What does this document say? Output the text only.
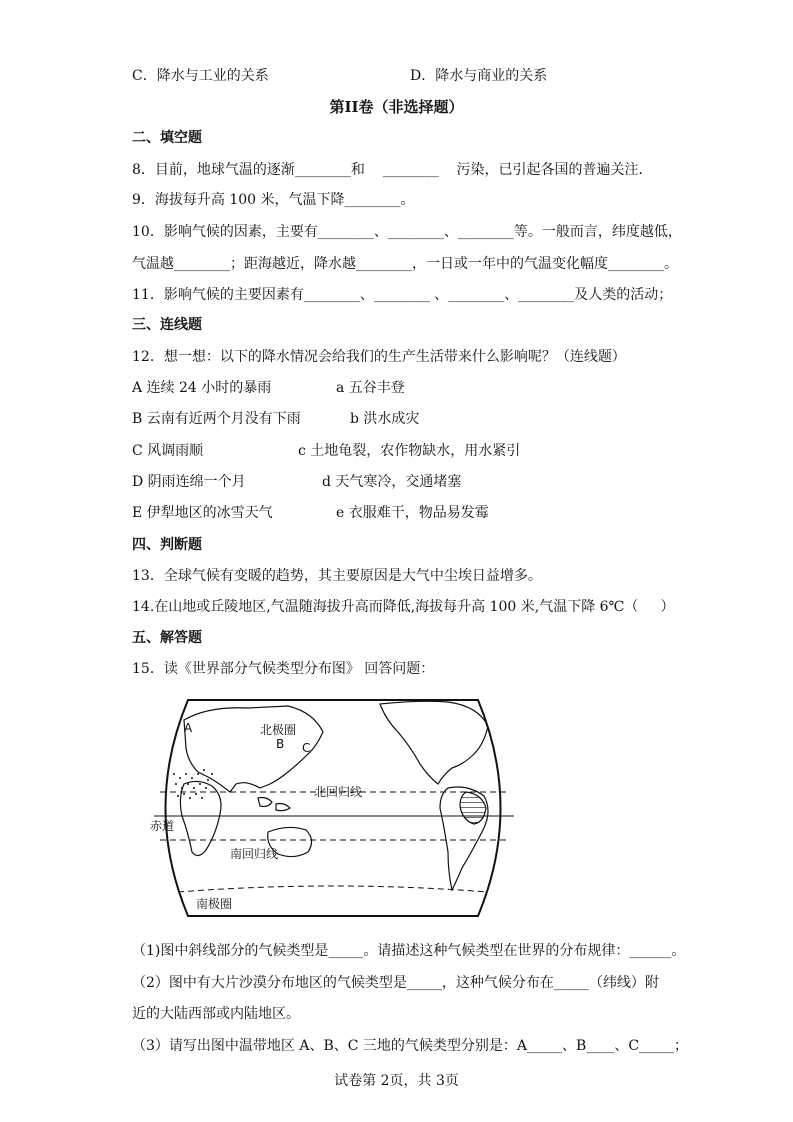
C．降水与工业的关系	D．降水与商业的关系
第II卷（非选择题）
二、填空题
8．目前，地球气温的逐渐________和    ________    污染，已引起各国的普遍关注．
9．海拔每升高 100 米，气温下降________。
10．影响气候的因素，主要有________、________、________等。一般而言，纬度越低，
气温越________；距海越近，降水越________，一日或一年中的气温变化幅度________。
11．影响气候的主要因素有________、________ 、________、________及人类的活动；
三、连线题
12．想一想：以下的降水情况会给我们的生产生活带来什么影响呢？（连线题）
A 连续 24 小时的暴雨	a 五谷丰登
B 云南有近两个月没有下雨	b 洪水成灾
C 风调雨顺	c 土地龟裂，农作物缺水，用水紧引
D 阴雨连绵一个月	d 天气寒冷，交通堵塞
E 伊犁地区的冰雪天气	e 衣服难干，物品易发霉
四、判断题
13．全球气候有变暖的趋势，其主要原因是大气中尘埃日益增多。
14.在山地或丘陵地区,气温随海拔升高而降低,海拔每升高 100 米,气温下降 6℃（     ）
五、解答题
15．读《世界部分气候类型分布图》 回答问题：
北极圈
A
B C
北回归线
赤道
南回归线
南极圈
（1)图中斜线部分的气候类型是_____。请描述这种气候类型在世界的分布规律：______。
（2）图中有大片沙漠分布地区的气候类型是_____，这种气候分布在_____（纬线）附
近的大陆西部或内陆地区。
（3）请写出图中温带地区 A、B、C 三地的气候类型分别是：A_____、B____、C_____；
试卷第 2页，共 3页
